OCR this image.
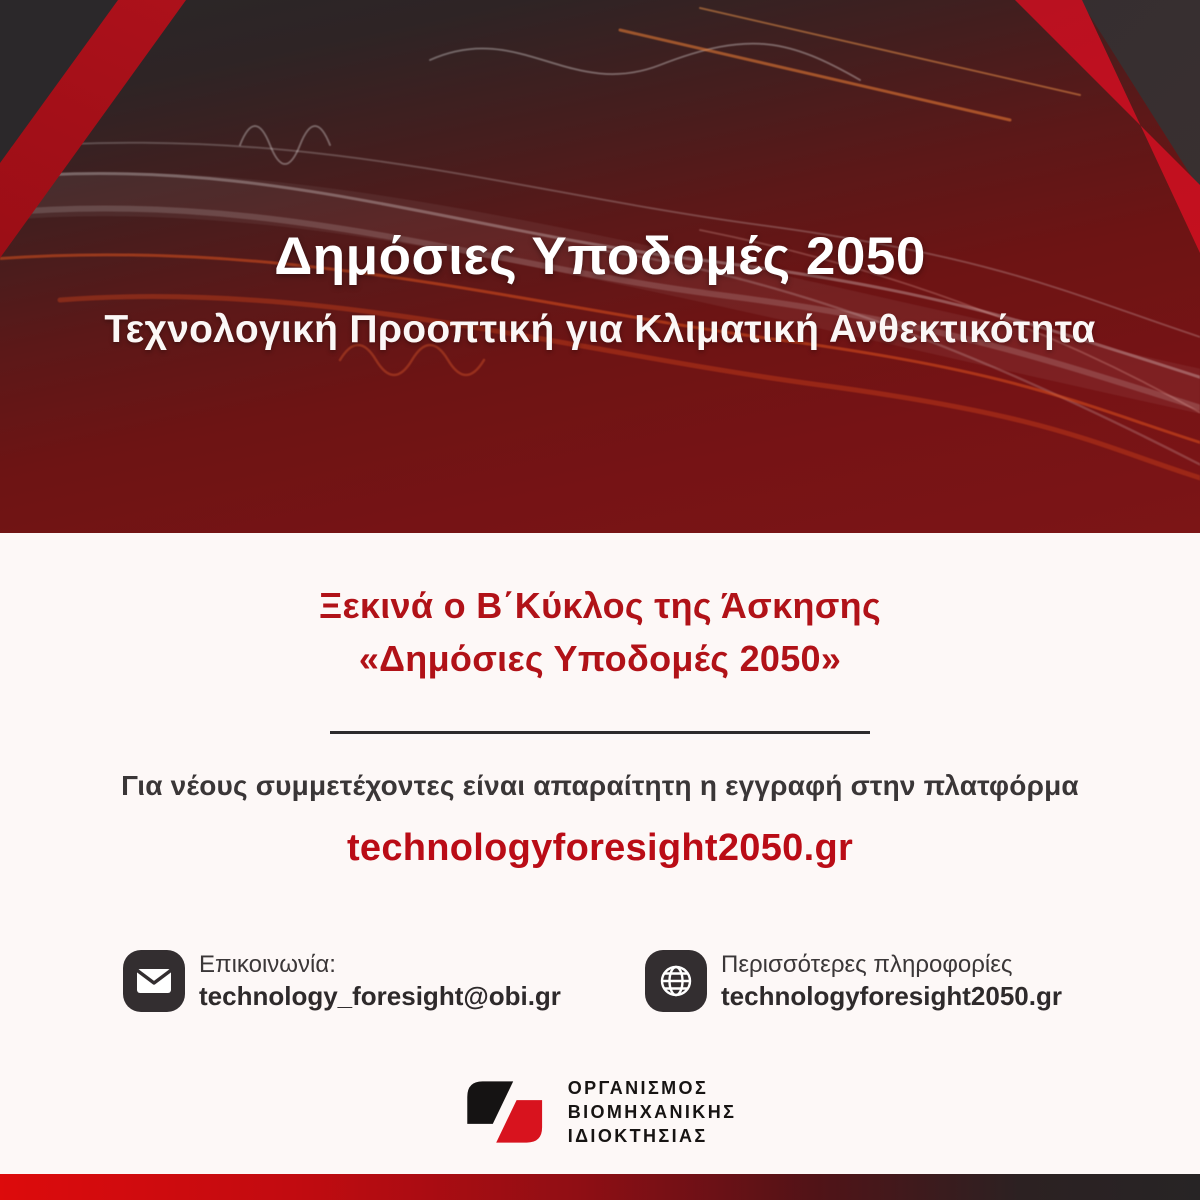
Δημόσιες Υποδομές 2050
Τεχνολογική Προοπτική για Κλιματική Ανθεκτικότητα
Ξεκινά ο Β΄Κύκλος της Άσκησης
«Δημόσιες Υποδομές 2050»

Για νέους συμμετέχοντες είναι απαραίτητη η εγγραφή στην πλατφόρμα

technologyforesight2050.gr
Επικοινωνία:
technology_foresight@obi.gr
Περισσότερες πληροφορίες
technologyforesight2050.gr
ΟΡΓΑΝΙΣΜΟΣ
ΒΙΟΜΗΧΑΝΙΚΗΣ
ΙΔΙΟΚΤΗΣΙΑΣ
